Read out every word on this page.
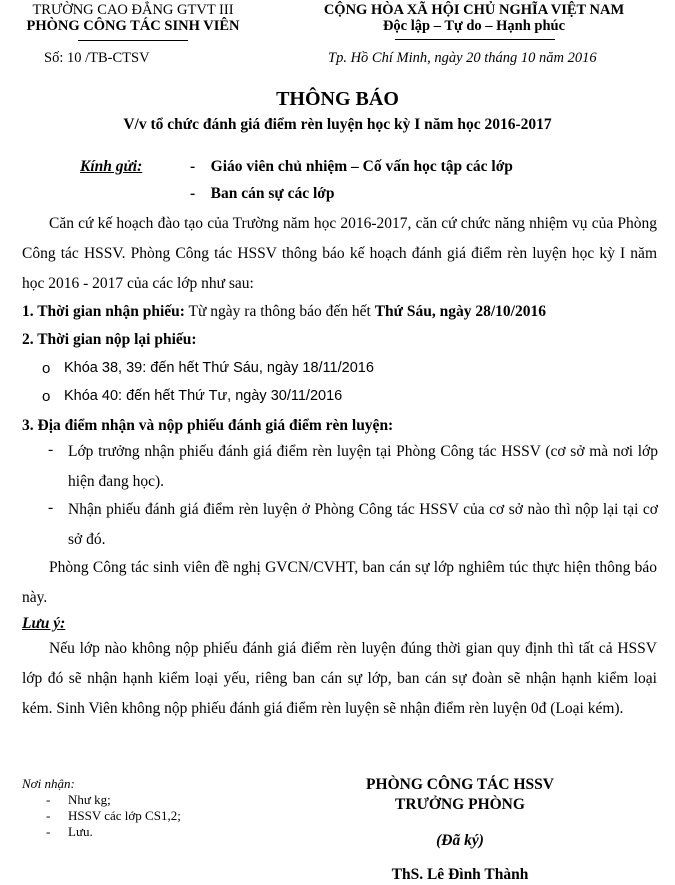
TRƯỜNG CAO ĐẲNG GTVT III
PHÒNG CÔNG TÁC SINH VIÊN
Số: 10 /TB-CTSV
CỘNG HÒA XÃ HỘI CHỦ NGHĨA VIỆT NAM
Độc lập – Tự do – Hạnh phúc
Tp. Hồ Chí Minh, ngày 20 tháng 10 năm 2016
THÔNG BÁO
V/v tổ chức đánh giá điểm rèn luyện học kỳ I năm học 2016-2017
Kính gửi:	-    Giáo viên chủ nhiệm – Cố vấn học tập các lớp
-    Ban cán sự các lớp
Căn cứ kế hoạch đào tạo của Trường năm học 2016-2017, căn cứ chức năng nhiệm vụ của Phòng Công tác HSSV. Phòng Công tác HSSV thông báo kế hoạch đánh giá điểm rèn luyện học kỳ I năm học 2016 - 2017 của các lớp như sau:
1. Thời gian nhận phiếu: Từ ngày ra thông báo đến hết Thứ Sáu, ngày 28/10/2016
2. Thời gian nộp lại phiếu:
o Khóa 38, 39: đến hết Thứ Sáu, ngày 18/11/2016
o Khóa 40: đến hết Thứ Tư, ngày 30/11/2016
3. Địa điểm nhận và nộp phiếu đánh giá điểm rèn luyện:
- Lớp trưởng nhận phiếu đánh giá điểm rèn luyện tại Phòng Công tác HSSV (cơ sở mà nơi lớp hiện đang học).
- Nhận phiếu đánh giá điểm rèn luyện ở Phòng Công tác HSSV của cơ sở nào thì nộp lại tại cơ sở đó.
Phòng Công tác sinh viên đề nghị GVCN/CVHT, ban cán sự lớp nghiêm túc thực hiện thông báo này.
Lưu ý:
Nếu lớp nào không nộp phiếu đánh giá điểm rèn luyện đúng thời gian quy định thì tất cả HSSV lớp đó sẽ nhận hạnh kiểm loại yếu, riêng ban cán sự lớp, ban cán sự đoàn sẽ nhận hạnh kiểm loại kém. Sinh Viên không nộp phiếu đánh giá điểm rèn luyện sẽ nhận điểm rèn luyện 0đ (Loại kém).
Nơi nhận:
- Như kg;
- HSSV các lớp CS1,2;
- Lưu.
PHÒNG CÔNG TÁC HSSV
TRƯỞNG PHÒNG
(Đã ký)
ThS. Lê Đình Thành
